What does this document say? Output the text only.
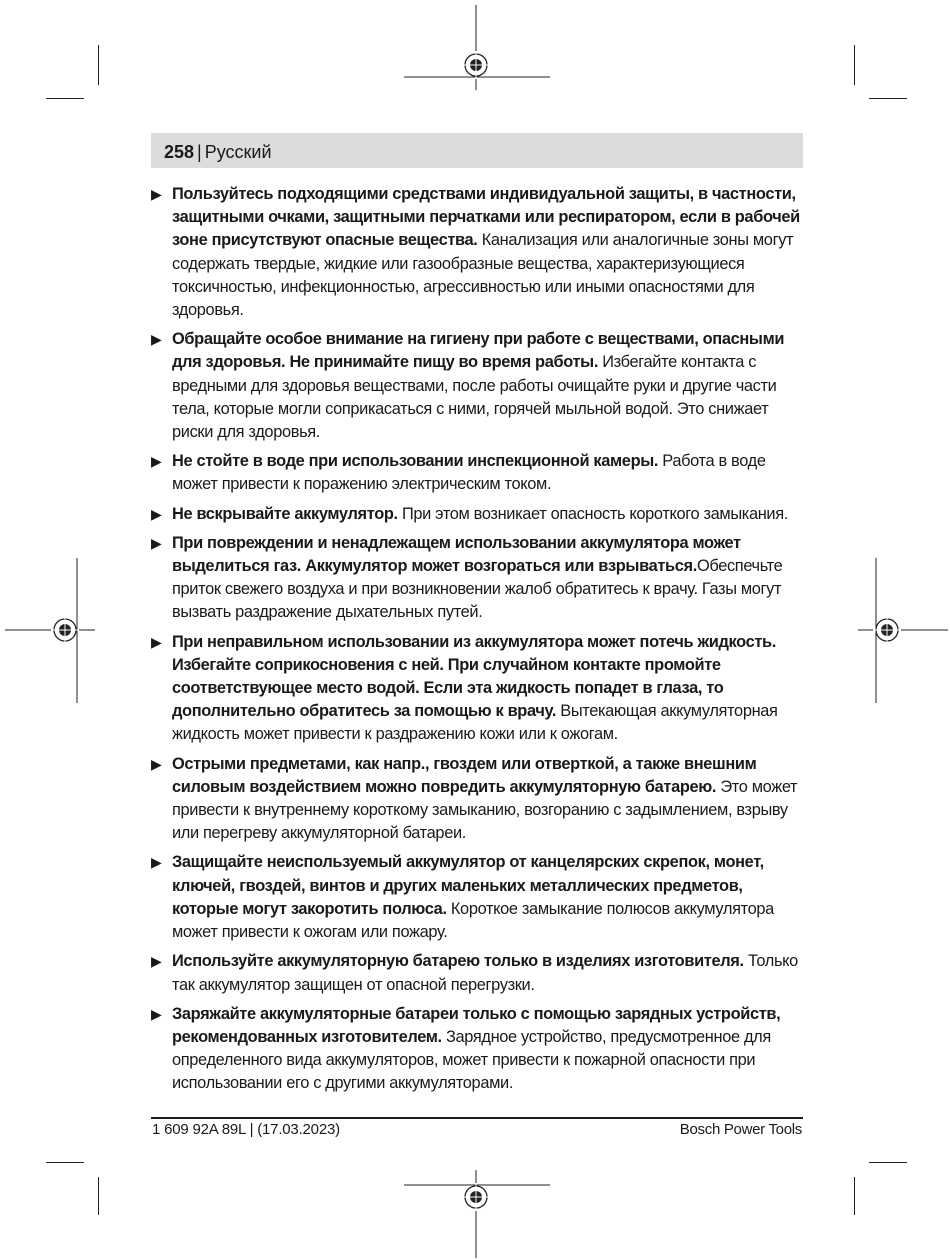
258 | Русский
▶ Пользуйтесь подходящими средствами индивидуальной защиты, в частности, защитными очками, защитными перчатками или респиратором, если в рабочей зоне присутствуют опасные вещества. Канализация или аналогичные зоны могут содержать твердые, жидкие или газообразные вещества, характеризующиеся токсичностью, инфекционностью, агрессивностью или иными опасностями для здоровья.
▶ Обращайте особое внимание на гигиену при работе с веществами, опасными для здоровья. Не принимайте пищу во время работы. Избегайте контакта с вредными для здоровья веществами, после работы очищайте руки и другие части тела, которые могли соприкасаться с ними, горячей мыльной водой. Это снижает риски для здоровья.
▶ Не стойте в воде при использовании инспекционной камеры. Работа в воде может привести к поражению электрическим током.
▶ Не вскрывайте аккумулятор. При этом возникает опасность короткого замыкания.
▶ При повреждении и ненадлежащем использовании аккумулятора может выделиться газ. Аккумулятор может возгораться или взрываться.Обеспечьте приток свежего воздуха и при возникновении жалоб обратитесь к врачу. Газы могут вызвать раздражение дыхательных путей.
▶ При неправильном использовании из аккумулятора может потечь жидкость. Избегайте соприкосновения с ней. При случайном контакте промойте соответствующее место водой. Если эта жидкость попадет в глаза, то дополнительно обратитесь за помощью к врачу. Вытекающая аккумуляторная жидкость может привести к раздражению кожи или к ожогам.
▶ Острыми предметами, как напр., гвоздем или отверткой, а также внешним силовым воздействием можно повредить аккумуляторную батарею. Это может привести к внутреннему короткому замыканию, возгоранию с задымлением, взрыву или перегреву аккумуляторной батареи.
▶ Защищайте неиспользуемый аккумулятор от канцелярских скрепок, монет, ключей, гвоздей, винтов и других маленьких металлических предметов, которые могут закоротить полюса. Короткое замыкание полюсов аккумулятора может привести к ожогам или пожару.
▶ Используйте аккумуляторную батарею только в изделиях изготовителя. Только так аккумулятор защищен от опасной перегрузки.
▶ Заряжайте аккумуляторные батареи только с помощью зарядных устройств, рекомендованных изготовителем. Зарядное устройство, предусмотренное для определенного вида аккумуляторов, может привести к пожарной опасности при использовании его с другими аккумуляторами.
1 609 92A 89L | (17.03.2023)	Bosch Power Tools
